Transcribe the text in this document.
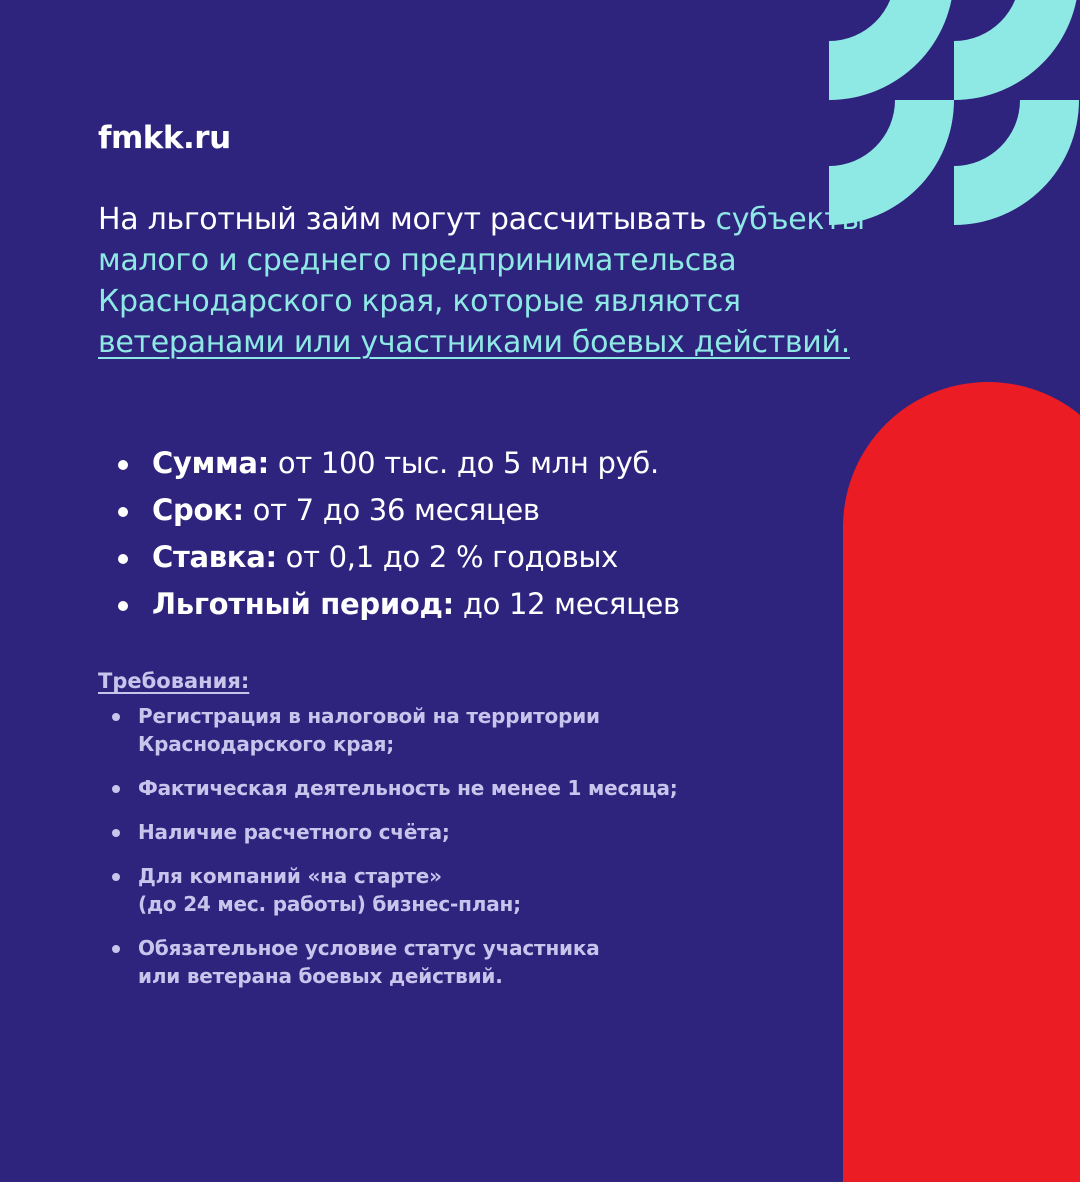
fmkk.ru
На льготный займ могут рассчитывать субъекты малого и среднего предпринимательсва Краснодарского края, которые являются ветеранами или участниками боевых действий.
Сумма: от 100 тыс. до 5 млн руб.
Срок: от 7 до 36 месяцев
Ставка: от 0,1 до 2 % годовых
Льготный период: до 12 месяцев
Требования:
Регистрация в налоговой на территории
Краснодарского края;
Фактическая деятельность не менее 1 месяца;
Наличие расчетного счёта;
Для компаний «на старте»
(до 24 мес. работы) бизнес-план;
Обязательное условие статус участника
или ветерана боевых действий.
